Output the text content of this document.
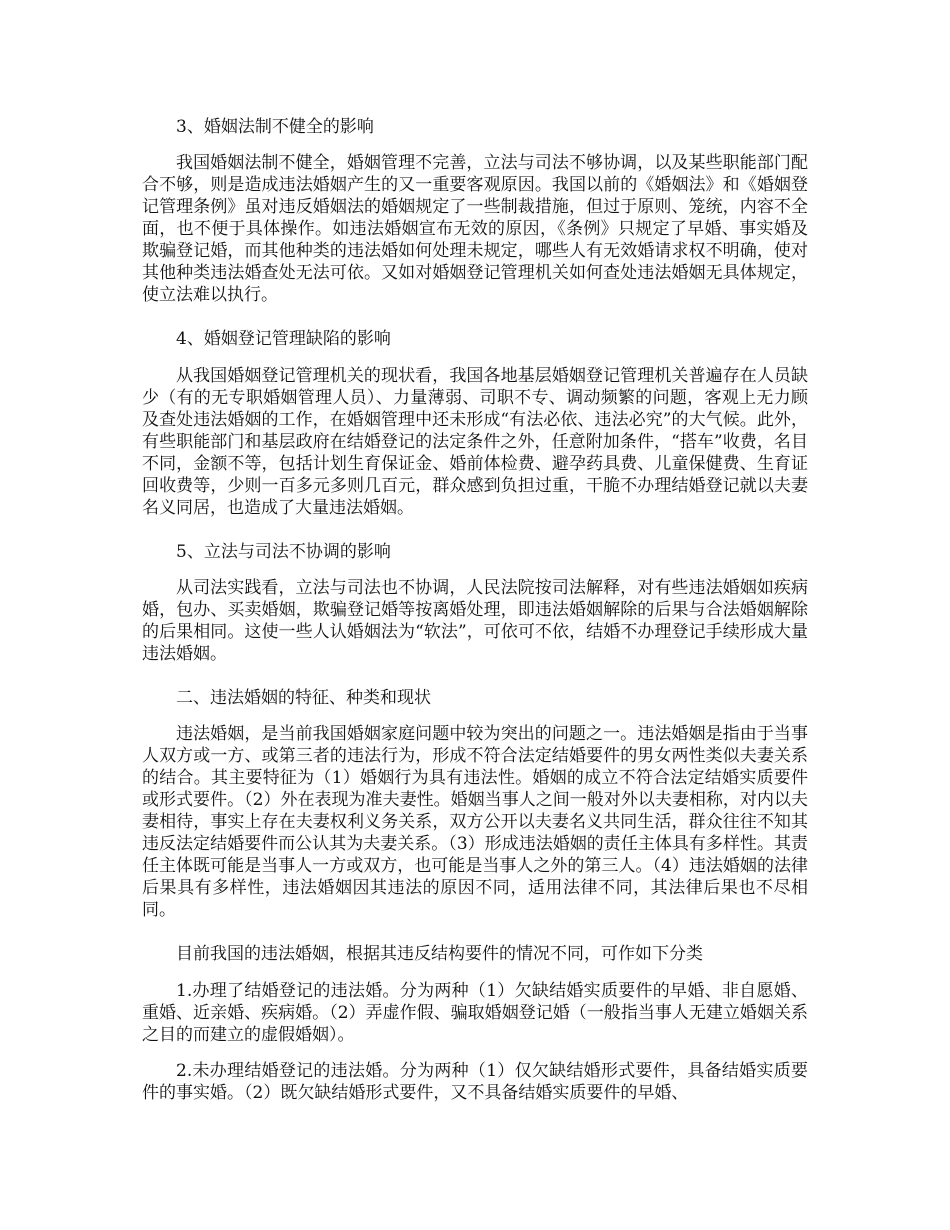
3、婚姻法制不健全的影响
我国婚姻法制不健全，婚姻管理不完善，立法与司法不够协调，以及某些职能部门配合不够，则是造成违法婚姻产生的又一重要客观原因。我国以前的《婚姻法》和《婚姻登记管理条例》虽对违反婚姻法的婚姻规定了一些制裁措施，但过于原则、笼统，内容不全面，也不便于具体操作。如违法婚姻宣布无效的原因，《条例》只规定了早婚、事实婚及欺骗登记婚，而其他种类的违法婚如何处理未规定，哪些人有无效婚请求权不明确，使对其他种类违法婚查处无法可依。又如对婚姻登记管理机关如何查处违法婚姻无具体规定，使立法难以执行。
4、婚姻登记管理缺陷的影响
从我国婚姻登记管理机关的现状看，我国各地基层婚姻登记管理机关普遍存在人员缺少（有的无专职婚姻管理人员）、力量薄弱、司职不专、调动频繁的问题，客观上无力顾及查处违法婚姻的工作，在婚姻管理中还未形成“有法必依、违法必究”的大气候。此外，有些职能部门和基层政府在结婚登记的法定条件之外，任意附加条件，“搭车”收费，名目不同，金额不等，包括计划生育保证金、婚前体检费、避孕药具费、儿童保健费、生育证回收费等，少则一百多元多则几百元，群众感到负担过重，干脆不办理结婚登记就以夫妻名义同居，也造成了大量违法婚姻。
5、立法与司法不协调的影响
从司法实践看，立法与司法也不协调，人民法院按司法解释，对有些违法婚姻如疾病婚，包办、买卖婚姻，欺骗登记婚等按离婚处理，即违法婚姻解除的后果与合法婚姻解除的后果相同。这使一些人认婚姻法为“软法”，可依可不依，结婚不办理登记手续形成大量违法婚姻。
二、违法婚姻的特征、种类和现状
违法婚姻，是当前我国婚姻家庭问题中较为突出的问题之一。违法婚姻是指由于当事人双方或一方、或第三者的违法行为，形成不符合法定结婚要件的男女两性类似夫妻关系的结合。其主要特征为（1）婚姻行为具有违法性。婚姻的成立不符合法定结婚实质要件或形式要件。（2）外在表现为准夫妻性。婚姻当事人之间一般对外以夫妻相称，对内以夫妻相待，事实上存在夫妻权利义务关系，双方公开以夫妻名义共同生活，群众往往不知其违反法定结婚要件而公认其为夫妻关系。（3）形成违法婚姻的责任主体具有多样性。其责任主体既可能是当事人一方或双方，也可能是当事人之外的第三人。（4）违法婚姻的法律后果具有多样性，违法婚姻因其违法的原因不同，适用法律不同，其法律后果也不尽相同。
目前我国的违法婚姻，根据其违反结构要件的情况不同，可作如下分类
1.办理了结婚登记的违法婚。分为两种（1）欠缺结婚实质要件的早婚、非自愿婚、重婚、近亲婚、疾病婚。（2）弄虚作假、骗取婚姻登记婚（一般指当事人无建立婚姻关系之目的而建立的虚假婚姻）。
2.未办理结婚登记的违法婚。分为两种（1）仅欠缺结婚形式要件，具备结婚实质要件的事实婚。（2）既欠缺结婚形式要件，又不具备结婚实质要件的早婚、
